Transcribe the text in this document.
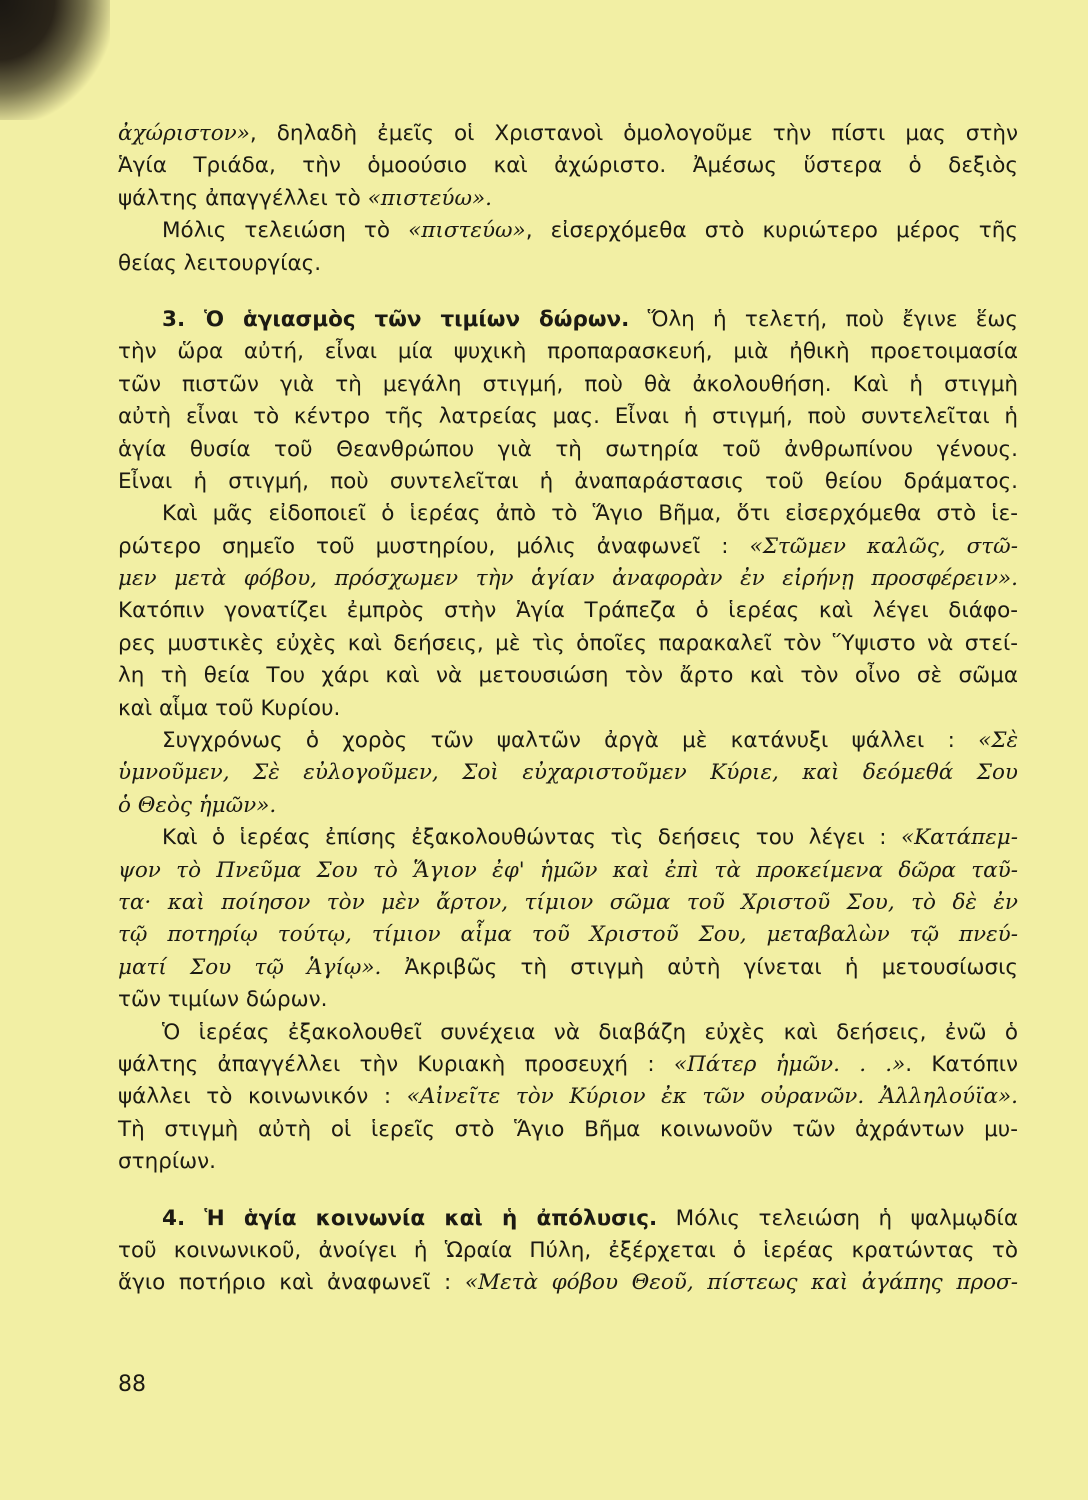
ἀχώριστον», δηλαδὴ ἐμεῖς οἱ Χριστανοὶ ὁμολογοῦμε τὴν πίστι μας στὴν
Ἁγία Τριάδα, τὴν ὁμοούσιο καὶ ἀχώριστο. Ἀμέσως ὕστερα ὁ δεξιὸς
ψάλτης ἀπαγγέλλει τὸ «πιστεύω».
Μόλις τελειώση τὸ «πιστεύω», εἰσερχόμεθα στὸ κυριώτερο μέρος τῆς
θείας λειτουργίας.
3. Ὁ ἁγιασμὸς τῶν τιμίων δώρων. Ὅλη ἡ τελετή, ποὺ ἔγινε ἕως
τὴν ὥρα αὐτή, εἶναι μία ψυχικὴ προπαρασκευή, μιὰ ἠθικὴ προετοιμασία
τῶν πιστῶν γιὰ τὴ μεγάλη στιγμή, ποὺ θὰ ἀκολουθήση. Καὶ ἡ στιγμὴ
αὐτὴ εἶναι τὸ κέντρο τῆς λατρείας μας. Εἶναι ἡ στιγμή, ποὺ συντελεῖται ἡ
ἁγία θυσία τοῦ Θεανθρώπου γιὰ τὴ σωτηρία τοῦ ἀνθρωπίνου γένους.
Εἶναι ἡ στιγμή, ποὺ συντελεῖται ἡ ἀναπαράστασις τοῦ θείου δράματος.
Καὶ μᾶς εἰδοποιεῖ ὁ ἱερέας ἀπὸ τὸ Ἅγιο Βῆμα, ὅτι εἰσερχόμεθα στὸ ἱε-
ρώτερο σημεῖο τοῦ μυστηρίου, μόλις ἀναφωνεῖ : «Στῶμεν καλῶς, στῶ-
μεν μετὰ φόβου, πρόσχωμεν τὴν ἁγίαν ἀναφορὰν ἐν εἰρήνῃ προσφέρειν».
Κατόπιν γονατίζει ἐμπρὸς στὴν Ἁγία Τράπεζα ὁ ἱερέας καὶ λέγει διάφο-
ρες μυστικὲς εὐχὲς καὶ δεήσεις, μὲ τὶς ὁποῖες παρακαλεῖ τὸν Ὕψιστο νὰ στεί-
λη τὴ θεία Του χάρι καὶ νὰ μετουσιώση τὸν ἄρτο καὶ τὸν οἶνο σὲ σῶμα
καὶ αἷμα τοῦ Κυρίου.
Συγχρόνως ὁ χορὸς τῶν ψαλτῶν ἀργὰ μὲ κατάνυξι ψάλλει : «Σὲ
ὑμνοῦμεν, Σὲ εὐλογοῦμεν, Σοὶ εὐχαριστοῦμεν Κύριε, καὶ δεόμεθά Σου
ὁ Θεὸς ἡμῶν».
Καὶ ὁ ἱερέας ἐπίσης ἐξακολουθώντας τὶς δεήσεις του λέγει : «Κατάπεμ-
ψον τὸ Πνεῦμα Σου τὸ Ἅγιον ἐφ' ἡμῶν καὶ ἐπὶ τὰ προκείμενα δῶρα ταῦ-
τα· καὶ ποίησον τὸν μὲν ἄρτον, τίμιον σῶμα τοῦ Χριστοῦ Σου, τὸ δὲ ἐν
τῷ ποτηρίῳ τούτῳ, τίμιον αἷμα τοῦ Χριστοῦ Σου, μεταβαλὼν τῷ πνεύ-
ματί Σου τῷ Ἁγίῳ». Ἀκριβῶς τὴ στιγμὴ αὐτὴ γίνεται ἡ μετουσίωσις
τῶν τιμίων δώρων.
Ὁ ἱερέας ἐξακολουθεῖ συνέχεια νὰ διαβάζη εὐχὲς καὶ δεήσεις, ἐνῶ ὁ
ψάλτης ἀπαγγέλλει τὴν Κυριακὴ προσευχή : «Πάτερ ἡμῶν. . .». Κατόπιν
ψάλλει τὸ κοινωνικόν : «Αἰνεῖτε τὸν Κύριον ἐκ τῶν οὐρανῶν. Ἀλληλούϊα».
Τὴ στιγμὴ αὐτὴ οἱ ἱερεῖς στὸ Ἅγιο Βῆμα κοινωνοῦν τῶν ἀχράντων μυ-
στηρίων.
4. Ἡ ἁγία κοινωνία καὶ ἡ ἀπόλυσις. Μόλις τελειώση ἡ ψαλμῳδία
τοῦ κοινωνικοῦ, ἀνοίγει ἡ Ὡραία Πύλη, ἐξέρχεται ὁ ἱερέας κρατώντας τὸ
ἅγιο ποτήριο καὶ ἀναφωνεῖ : «Μετὰ φόβου Θεοῦ, πίστεως καὶ ἀγάπης προσ-
88
